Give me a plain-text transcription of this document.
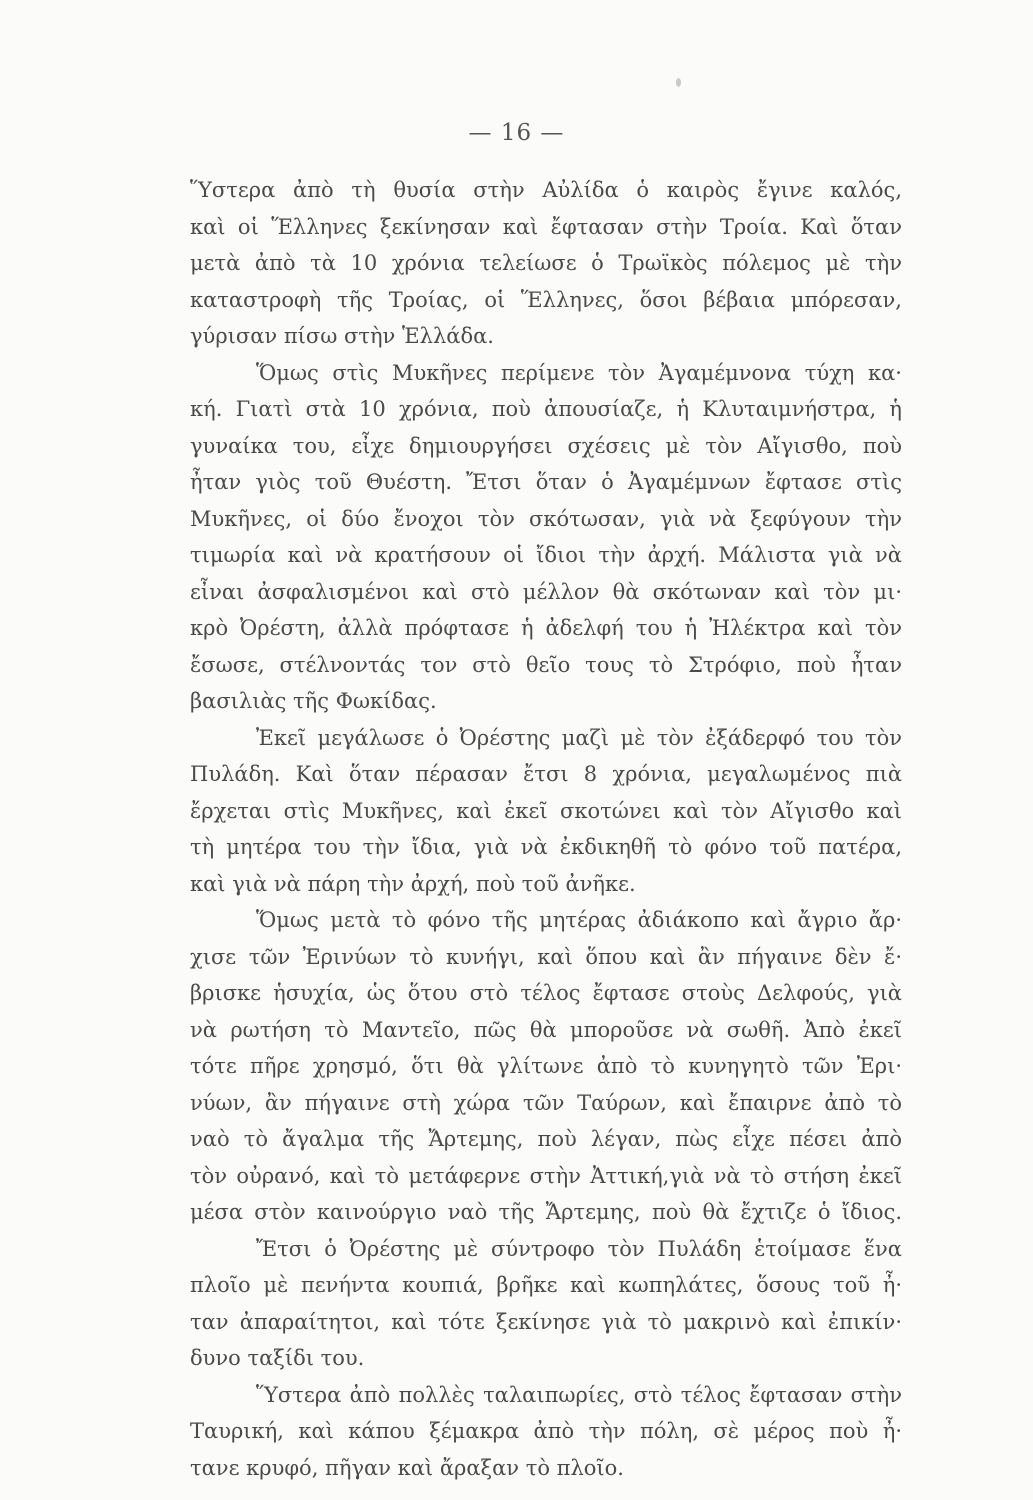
— 16 —
Ὕστερα ἀπὸ τὴ θυσία στὴν Αὐλίδα ὁ καιρὸς ἔγινε καλός,
καὶ οἱ Ἕλληνες ξεκίνησαν καὶ ἔφτασαν στὴν Τροία. Καὶ ὅταν
μετὰ ἀπὸ τὰ 10 χρόνια τελείωσε ὁ Τρωϊκὸς πόλεμος μὲ τὴν
καταστροφὴ τῆς Τροίας, οἱ Ἕλληνες, ὅσοι βέβαια μπόρεσαν,
γύρισαν πίσω στὴν Ἑλλάδα.
Ὅμως στὶς Μυκῆνες περίμενε τὸν Ἀγαμέμνονα τύχη κα·
κή. Γιατὶ στὰ 10 χρόνια, ποὺ ἀπουσίαζε, ἡ Κλυταιμνήστρα, ἡ
γυναίκα του, εἶχε δημιουργήσει σχέσεις μὲ τὸν Αἴγισθο, ποὺ
ἦταν γιὸς τοῦ Θυέστη. Ἔτσι ὅταν ὁ Ἀγαμέμνων ἔφτασε στὶς
Μυκῆνες, οἱ δύο ἔνοχοι τὸν σκότωσαν, γιὰ νὰ ξεφύγουν τὴν
τιμωρία καὶ νὰ κρατήσουν οἱ ἴδιοι τὴν ἀρχή. Μάλιστα γιὰ νὰ
εἶναι ἀσφαλισμένοι καὶ στὸ μέλλον θὰ σκότωναν καὶ τὸν μι·
κρὸ Ὀρέστη, ἀλλὰ πρόφτασε ἡ ἀδελφή του ἡ Ἠλέκτρα καὶ τὸν
ἔσωσε, στέλνοντάς τον στὸ θεῖο τους τὸ Στρόφιο, ποὺ ἦταν
βασιλιὰς τῆς Φωκίδας.
Ἐκεῖ μεγάλωσε ὁ Ὀρέστης μαζὶ μὲ τὸν ἐξάδερφό του τὸν
Πυλάδη. Καὶ ὅταν πέρασαν ἔτσι 8 χρόνια, μεγαλωμένος πιὰ
ἔρχεται στὶς Μυκῆνες, καὶ ἐκεῖ σκοτώνει καὶ τὸν Αἴγισθο καὶ
τὴ μητέρα του τὴν ἴδια, γιὰ νὰ ἐκδικηθῆ τὸ φόνο τοῦ πατέρα,
καὶ γιὰ νὰ πάρη τὴν ἀρχή, ποὺ τοῦ ἀνῆκε.
Ὅμως μετὰ τὸ φόνο τῆς μητέρας ἀδιάκοπο καὶ ἄγριο ἄρ·
χισε τῶν Ἐρινύων τὸ κυνήγι, καὶ ὅπου καὶ ἂν πήγαινε δὲν ἔ·
βρισκε ἡσυχία, ὡς ὅτου στὸ τέλος ἔφτασε στοὺς Δελφούς, γιὰ
νὰ ρωτήση τὸ Μαντεῖο, πῶς θὰ μποροῦσε νὰ σωθῆ. Ἀπὸ ἐκεῖ
τότε πῆρε χρησμό, ὅτι θὰ γλίτωνε ἀπὸ τὸ κυνηγητὸ τῶν Ἐρι·
νύων, ἂν πήγαινε στὴ χώρα τῶν Ταύρων, καὶ ἔπαιρνε ἀπὸ τὸ
ναὸ τὸ ἄγαλμα τῆς Ἄρτεμης, ποὺ λέγαν, πὼς εἶχε πέσει ἀπὸ
τὸν οὐρανό, καὶ τὸ μετάφερνε στὴν Ἀττική,γιὰ νὰ τὸ στήση ἐκεῖ
μέσα στὸν καινούργιο ναὸ τῆς Ἄρτεμης, ποὺ θὰ ἔχτιζε ὁ ἴδιος.
Ἔτσι ὁ Ὀρέστης μὲ σύντροφο τὸν Πυλάδη ἑτοίμασε ἕνα
πλοῖο μὲ πενήντα κουπιά, βρῆκε καὶ κωπηλάτες, ὅσους τοῦ ἦ·
ταν ἀπαραίτητοι, καὶ τότε ξεκίνησε γιὰ τὸ μακρινὸ καὶ ἐπικίν·
δυνο ταξίδι του.
Ὕστερα ἀπὸ πολλὲς ταλαιπωρίες, στὸ τέλος ἔφτασαν στὴν
Ταυρική, καὶ κάπου ξέμακρα ἀπὸ τὴν πόλη, σὲ μέρος ποὺ ἦ·
τανε κρυφό, πῆγαν καὶ ἄραξαν τὸ πλοῖο.
